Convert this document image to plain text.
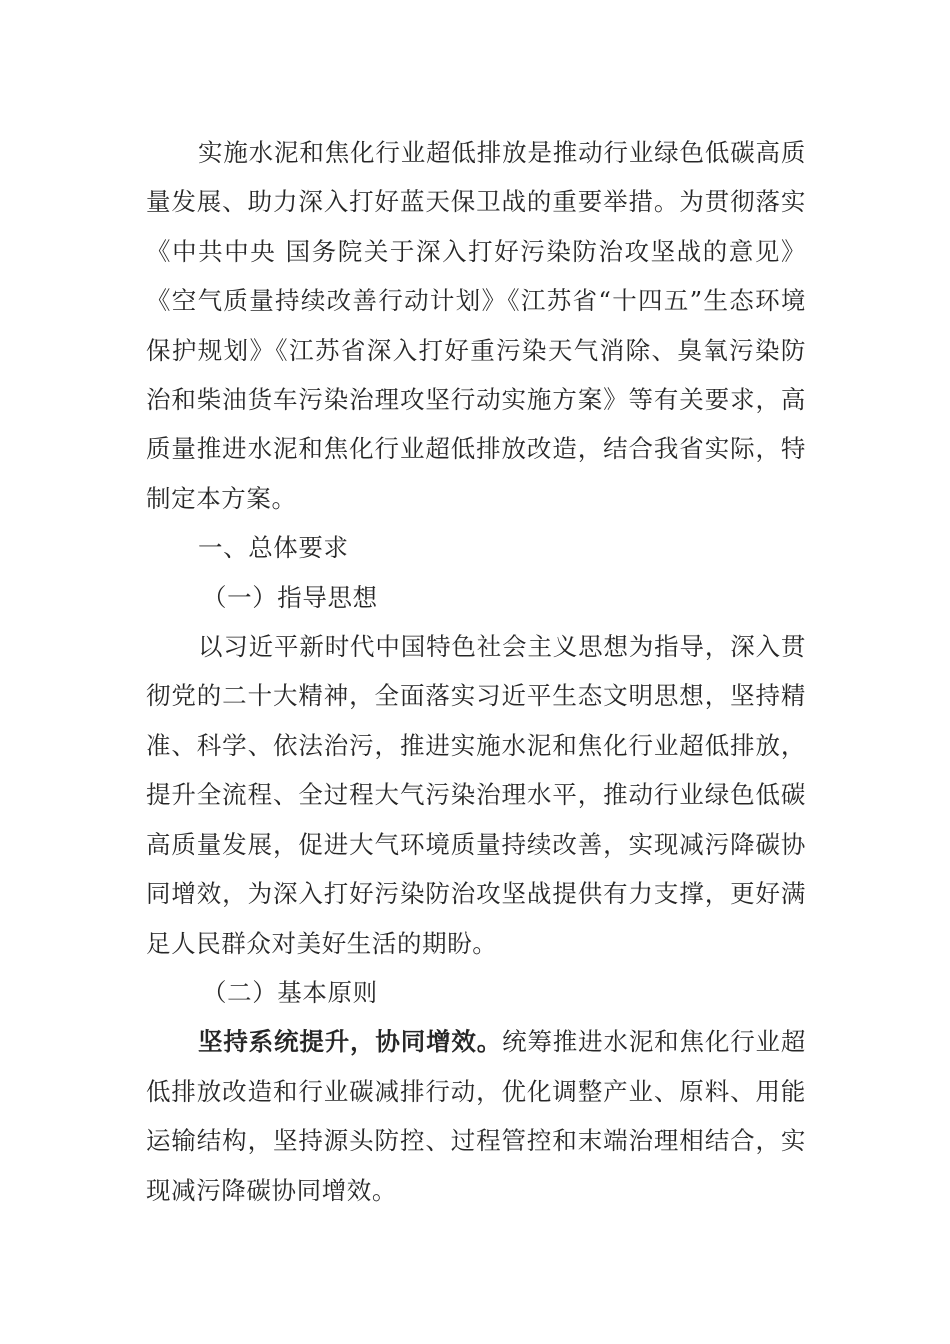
实施水泥和焦化行业超低排放是推动行业绿色低碳高质量发展、助力深入打好蓝天保卫战的重要举措。为贯彻落实《中共中央 国务院关于深入打好污染防治攻坚战的意见》《空气质量持续改善行动计划》《江苏省“十四五”生态环境保护规划》《江苏省深入打好重污染天气消除、臭氧污染防治和柴油货车污染治理攻坚行动实施方案》等有关要求，高质量推进水泥和焦化行业超低排放改造，结合我省实际，特制定本方案。

一、总体要求

（一）指导思想

以习近平新时代中国特色社会主义思想为指导，深入贯彻党的二十大精神，全面落实习近平生态文明思想，坚持精准、科学、依法治污，推进实施水泥和焦化行业超低排放，提升全流程、全过程大气污染治理水平，推动行业绿色低碳高质量发展，促进大气环境质量持续改善，实现减污降碳协同增效，为深入打好污染防治攻坚战提供有力支撑，更好满足人民群众对美好生活的期盼。

（二）基本原则

坚持系统提升，协同增效。统筹推进水泥和焦化行业超低排放改造和行业碳减排行动，优化调整产业、原料、用能运输结构，坚持源头防控、过程管控和末端治理相结合，实现减污降碳协同增效。
